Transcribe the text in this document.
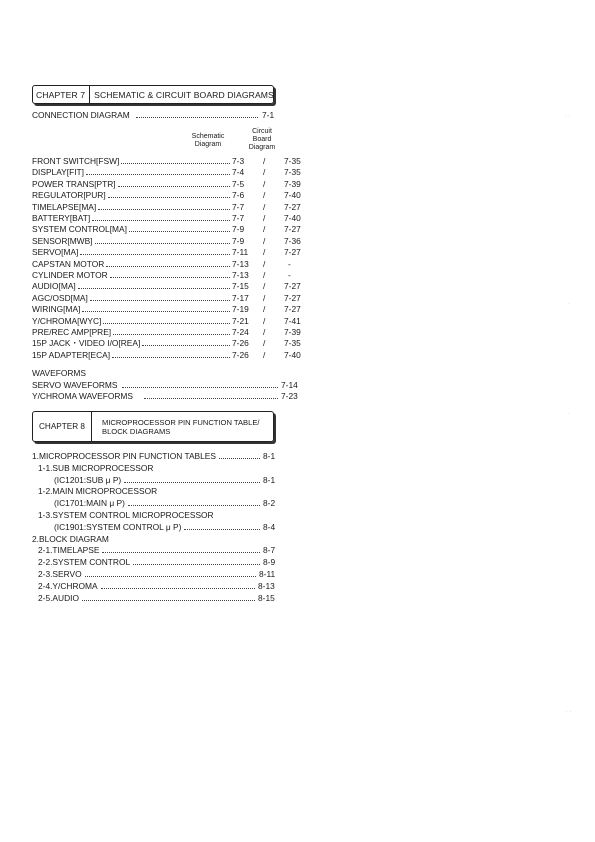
CHAPTER 7	SCHEMATIC & CIRCUIT BOARD DIAGRAMS
CONNECTION DIAGRAM	7-1
Schematic
Diagram
Circuit
Board
Diagram
FRONT SWITCH[FSW]	7-3 / 7-35
DISPLAY[FIT]	7-4 / 7-35
POWER TRANS[PTR]	7-5 / 7-39
REGULATOR[PUR]	7-6 / 7-40
TIMELAPSE[MA]	7-7 / 7-27
BATTERY[BAT]	7-7 / 7-40
SYSTEM CONTROL[MA]	7-9 / 7-27
SENSOR[MWB]	7-9 / 7-36
SERVO[MA]	7-11 / 7-27
CAPSTAN MOTOR	7-13 /	-
CYLINDER MOTOR	7-13 /	-
AUDIO[MA]	7-15 / 7-27
AGC/OSD[MA]	7-17 / 7-27
WIRING[MA]	7-19 / 7-27
Y/CHROMA[WYC]	7-21 / 7-41
PRE/REC AMP[PRE]	7-24 / 7-39
15P JACK・VIDEO I/O[REA]	7-26 / 7-35
15P ADAPTER[ECA]	7-26 / 7-40
WAVEFORMS
SERVO WAVEFORMS	7-14
Y/CHROMA WAVEFORMS	7-23
CHAPTER 8	MICROPROCESSOR PIN FUNCTION TABLE/
BLOCK DIAGRAMS
1.MICROPROCESSOR PIN FUNCTION TABLES	8-1
1-1.SUB MICROPROCESSOR
(IC1201:SUB μ P)	8-1
1-2.MAIN MICROPROCESSOR
(IC1701:MAIN μ P)	8-2
1-3.SYSTEM CONTROL MICROPROCESSOR
(IC1901:SYSTEM CONTROL μ P)	8-4
2.BLOCK DIAGRAM
2-1.TIMELAPSE	8-7
2-2.SYSTEM CONTROL	8-9
2-3.SERVO	8-11
2-4.Y/CHROMA	8-13
2-5.AUDIO	8-15
. .
.
.
. .
